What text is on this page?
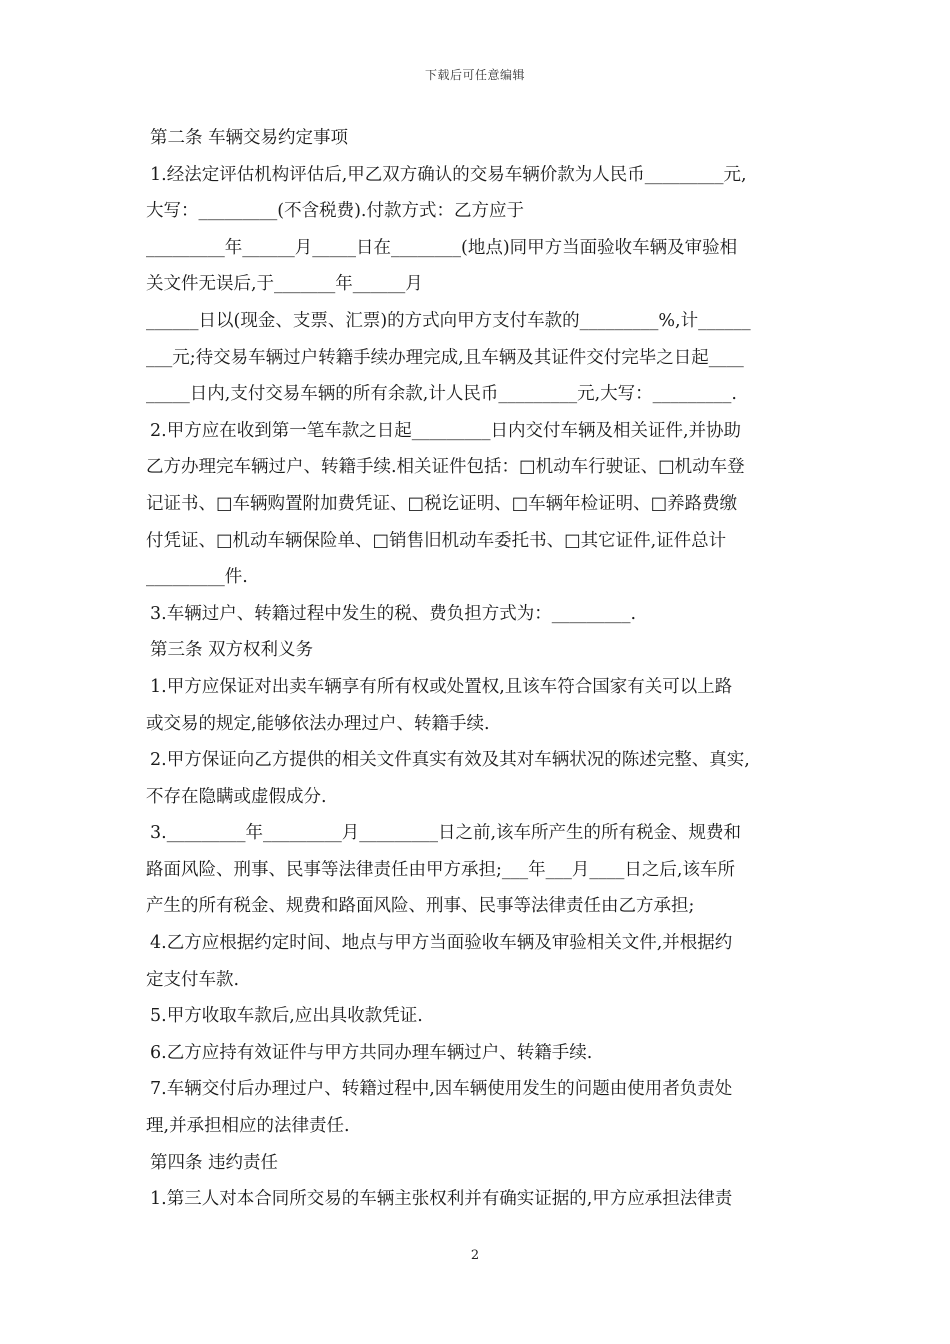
下载后可任意编辑
第二条 车辆交易约定事项
1.经法定评估机构评估后,甲乙双方确认的交易车辆价款为人民币_________元,
大写：_________(不含税费).付款方式：乙方应于
_________年______月_____日在________(地点)同甲方当面验收车辆及审验相
关文件无误后,于_______年______月
______日以(现金、支票、汇票)的方式向甲方支付车款的_________%,计______
___元;待交易车辆过户转籍手续办理完成,且车辆及其证件交付完毕之日起____
_____日内,支付交易车辆的所有余款,计人民币_________元,大写：_________.
2.甲方应在收到第一笔车款之日起_________日内交付车辆及相关证件,并协助
乙方办理完车辆过户、转籍手续.相关证件包括：□机动车行驶证、□机动车登
记证书、□车辆购置附加费凭证、□税讫证明、□车辆年检证明、□养路费缴
付凭证、□机动车辆保险单、□销售旧机动车委托书、□其它证件,证件总计
_________件.
3.车辆过户、转籍过程中发生的税、费负担方式为：_________.
第三条 双方权利义务
1.甲方应保证对出卖车辆享有所有权或处置权,且该车符合国家有关可以上路
或交易的规定,能够依法办理过户、转籍手续.
2.甲方保证向乙方提供的相关文件真实有效及其对车辆状况的陈述完整、真实,
不存在隐瞒或虚假成分.
3._________年_________月_________日之前,该车所产生的所有税金、规费和
路面风险、刑事、民事等法律责任由甲方承担;___年___月____日之后,该车所
产生的所有税金、规费和路面风险、刑事、民事等法律责任由乙方承担;
4.乙方应根据约定时间、地点与甲方当面验收车辆及审验相关文件,并根据约
定支付车款.
5.甲方收取车款后,应出具收款凭证.
6.乙方应持有效证件与甲方共同办理车辆过户、转籍手续.
7.车辆交付后办理过户、转籍过程中,因车辆使用发生的问题由使用者负责处
理,并承担相应的法律责任.
第四条 违约责任
1.第三人对本合同所交易的车辆主张权利并有确实证据的,甲方应承担法律责
2
